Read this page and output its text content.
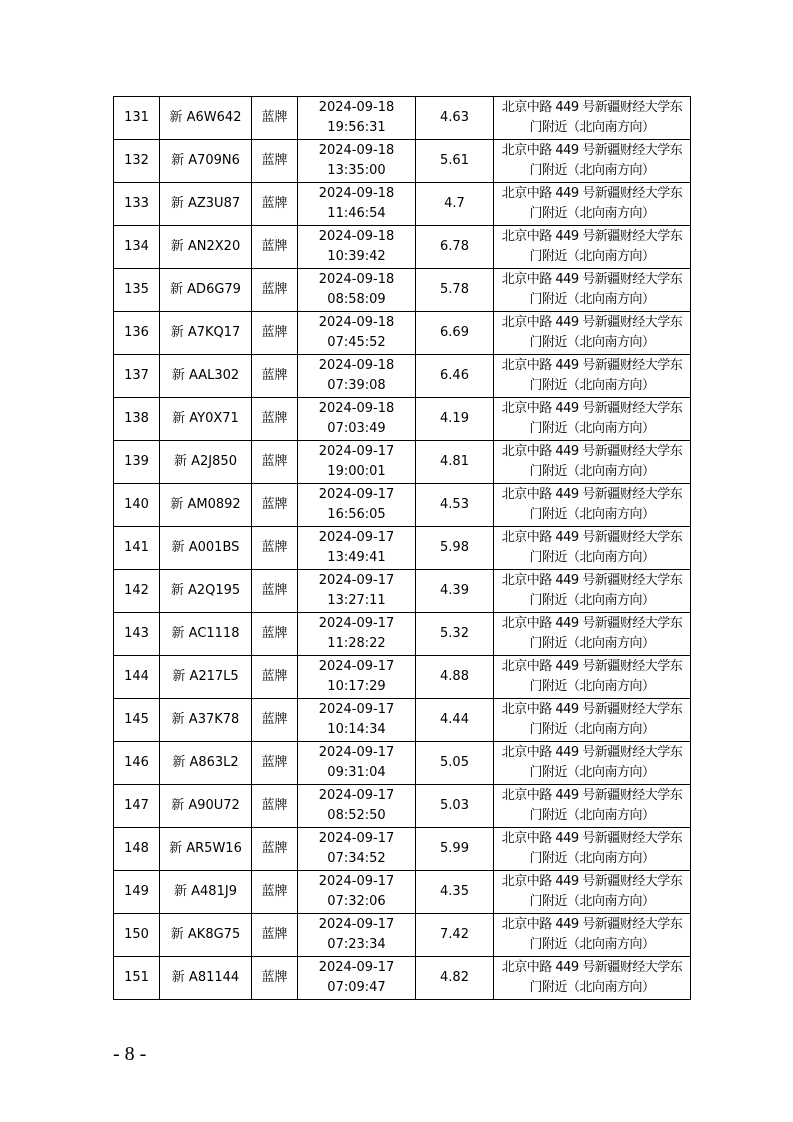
131	新 A6W642	蓝牌	2024-09-18
19:56:31	4.63	北京中路 449 号新疆财经大学东
门附近（北向南方向）

132	新 A709N6	蓝牌	2024-09-18
13:35:00	5.61	北京中路 449 号新疆财经大学东
门附近（北向南方向）

133	新 AZ3U87	蓝牌	2024-09-18
11:46:54	4.7	北京中路 449 号新疆财经大学东
门附近（北向南方向）

134	新 AN2X20	蓝牌	2024-09-18
10:39:42	6.78	北京中路 449 号新疆财经大学东
门附近（北向南方向）

135	新 AD6G79	蓝牌	2024-09-18
08:58:09	5.78	北京中路 449 号新疆财经大学东
门附近（北向南方向）

136	新 A7KQ17	蓝牌	2024-09-18
07:45:52	6.69	北京中路 449 号新疆财经大学东
门附近（北向南方向）

137	新 AAL302	蓝牌	2024-09-18
07:39:08	6.46	北京中路 449 号新疆财经大学东
门附近（北向南方向）

138	新 AY0X71	蓝牌	2024-09-18
07:03:49	4.19	北京中路 449 号新疆财经大学东
门附近（北向南方向）

139	新 A2J850	蓝牌	2024-09-17
19:00:01	4.81	北京中路 449 号新疆财经大学东
门附近（北向南方向）

140	新 AM0892	蓝牌	2024-09-17
16:56:05	4.53	北京中路 449 号新疆财经大学东
门附近（北向南方向）

141	新 A001BS	蓝牌	2024-09-17
13:49:41	5.98	北京中路 449 号新疆财经大学东
门附近（北向南方向）

142	新 A2Q195	蓝牌	2024-09-17
13:27:11	4.39	北京中路 449 号新疆财经大学东
门附近（北向南方向）

143	新 AC1118	蓝牌	2024-09-17
11:28:22	5.32	北京中路 449 号新疆财经大学东
门附近（北向南方向）

144	新 A217L5	蓝牌	2024-09-17
10:17:29	4.88	北京中路 449 号新疆财经大学东
门附近（北向南方向）

145	新 A37K78	蓝牌	2024-09-17
10:14:34	4.44	北京中路 449 号新疆财经大学东
门附近（北向南方向）

146	新 A863L2	蓝牌	2024-09-17
09:31:04	5.05	北京中路 449 号新疆财经大学东
门附近（北向南方向）

147	新 A90U72	蓝牌	2024-09-17
08:52:50	5.03	北京中路 449 号新疆财经大学东
门附近（北向南方向）

148	新 AR5W16	蓝牌	2024-09-17
07:34:52	5.99	北京中路 449 号新疆财经大学东
门附近（北向南方向）

149	新 A481J9	蓝牌	2024-09-17
07:32:06	4.35	北京中路 449 号新疆财经大学东
门附近（北向南方向）

150	新 AK8G75	蓝牌	2024-09-17
07:23:34	7.42	北京中路 449 号新疆财经大学东
门附近（北向南方向）

151	新 A81144	蓝牌	2024-09-17
07:09:47	4.82	北京中路 449 号新疆财经大学东
门附近（北向南方向）
- 8 -
